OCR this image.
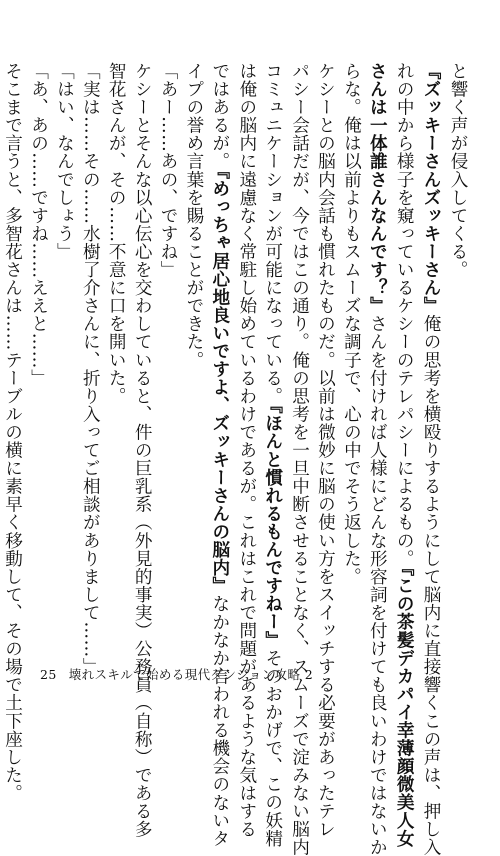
と響く声が侵入してくる。
『ズッキーさんズッキーさん』俺の思考を横殴りするようにして脳内に直接響くこの声は、押し入
れの中から様子を窺っているケシーのテレパシーによるもの。『この茶髪デカパイ幸薄顔微美人女
さんは一体誰さんなんです？』さんを付ければ人様にどんな形容詞を付けても良いわけではないか
らな。俺は以前よりもスムーズな調子で、心の中でそう返した。
ケシーとの脳内会話も慣れたものだ。以前は微妙に脳の使い方をスイッチする必要があったテレ
パシー会話だが、今ではこの通り。俺の思考を一旦中断させることなく、スムーズで淀みない脳内
コミュニケーションが可能になっている。『ほんと慣れるもんですねー』そのおかげで、この妖精
は俺の脳内に遠慮なく常駐し始めているわけであるが。これはこれで問題があるような気はする
ではあるが。『めっちゃ居心地良いですよ、ズッキーさんの脳内』なかなか言われる機会のないタ
イプの誉め言葉を賜ることができた。
「あー……あの、ですね」
ケシーとそんな以心伝心を交わしていると、件の巨乳系（外見的事実）公務員（自称）である多
智花さんが、その……不意に口を開いた。
「実は……その……水樹了介さんに、折り入ってご相談がありまして……」
「はい、なんでしょう」
「あ、あの……ですね……ええと……」
そこまで言うと、多智花さんは……テーブルの横に素早く移動して、その場で土下座した。 25 壊れスキルで始める現代ダンジョン攻略 2
